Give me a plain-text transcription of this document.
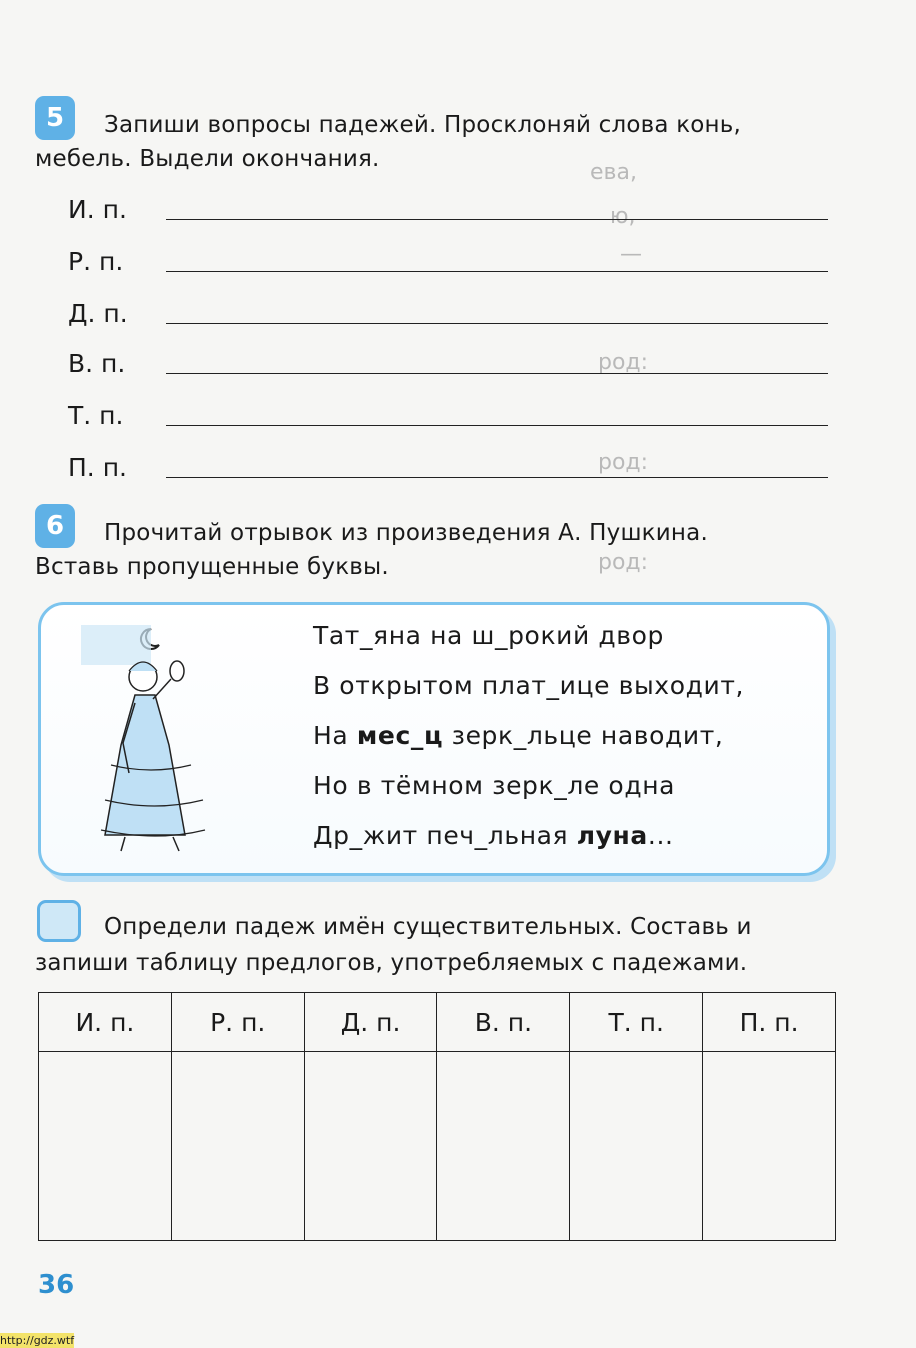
ева,
ю,
—
род:
род:
род:
5 Запиши вопросы падежей. Просклоняй слова конь,
мебель. Выдели окончания.
И. п.
Р. п.
Д. п.
В. п.
Т. п.
П. п.
6 Прочитай отрывок из произведения А. Пушкина.
Вставь пропущенные буквы.
Тат_яна на ш_рокий двор
В открытом плат_ице выходит,
На мес_ц зерк_льце наводит,
Но в тёмном зерк_ле одна
Др_жит печ_льная луна...
Определи падеж имён существительных. Составь и
запиши таблицу предлогов, употребляемых с падежами.
И. п.	Р. п.	Д. п.	В. п.	Т. п.	П. п.

36
http://gdz.wtf
